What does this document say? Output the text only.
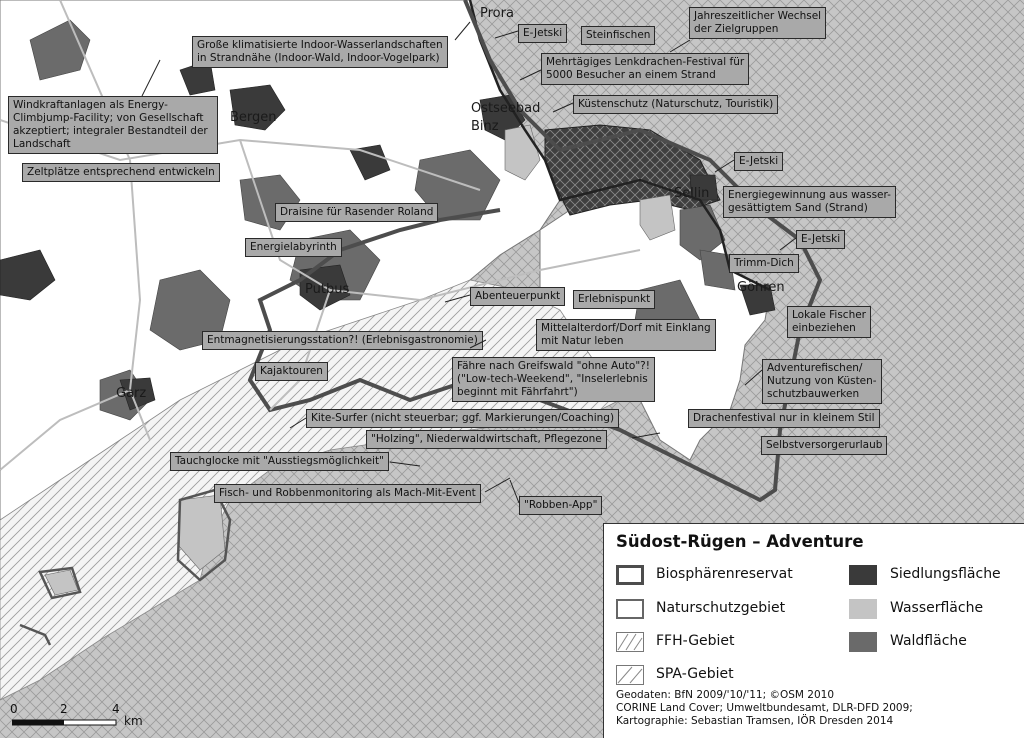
Prora
Ostseebad
Binz
Bergen
Sellin
Putbus	Göhren
Garz
E-Jetski	Steinfischen
Jahreszeitlicher Wechsel
der Zielgruppen
Große klimatisierte Indoor-Wasserlandschaften
in Strandnähe (Indoor-Wald, Indoor-Vogelpark)	Mehrtägiges Lenkdrachen-Festival für
5000 Besucher an einem Strand
Windkraftanlagen als Energy-
Climbjump-Facility; von Gesellschaft
akzeptiert; integraler Bestandteil der
Landschaft
Küstenschutz (Naturschutz, Touristik)
E-Jetski
Zeltplätze entsprechend entwickeln
Energiegewinnung aus wasser-
gesättigtem Sand (Strand)
Draisine für Rasender Roland
E-Jetski
Energielabyrinth
Trimm-Dich
Abenteuerpunkt	Erlebnispunkt
Lokale Fischer
einbeziehen
Mittelalterdorf/Dorf mit Einklang
mit Natur leben
Entmagnetisierungsstation?! (Erlebnisgastronomie)
Fähre nach Greifswald "ohne Auto"?!
("Low-tech-Weekend", "Inselerlebnis
beginnt mit Fährfahrt")
Adventurefischen/
Nutzung von Küsten-
schutzbauwerken
Kajaktouren
Kite-Surfer (nicht steuerbar; ggf. Markierungen/Coaching)	Drachenfestival nur in kleinem Stil
"Holzing", Niederwaldwirtschaft, Pflegezone	Selbstversorgerurlaub
Tauchglocke mit "Ausstiegsmöglichkeit"
Fisch- und Robbenmonitoring als Mach-Mit-Event
"Robben-App"
Südost-Rügen – Adventure
Biosphärenreservat
Naturschutzgebiet
FFH-Gebiet
SPA-Gebiet
Siedlungsfläche
Wasserfläche
Waldfläche
Geodaten: BfN 2009/'10/'11; ©OSM 2010
CORINE Land Cover; Umweltbundesamt, DLR-DFD 2009;
Kartographie: Sebastian Tramsen, IÖR Dresden 2014
0	2	4
km
